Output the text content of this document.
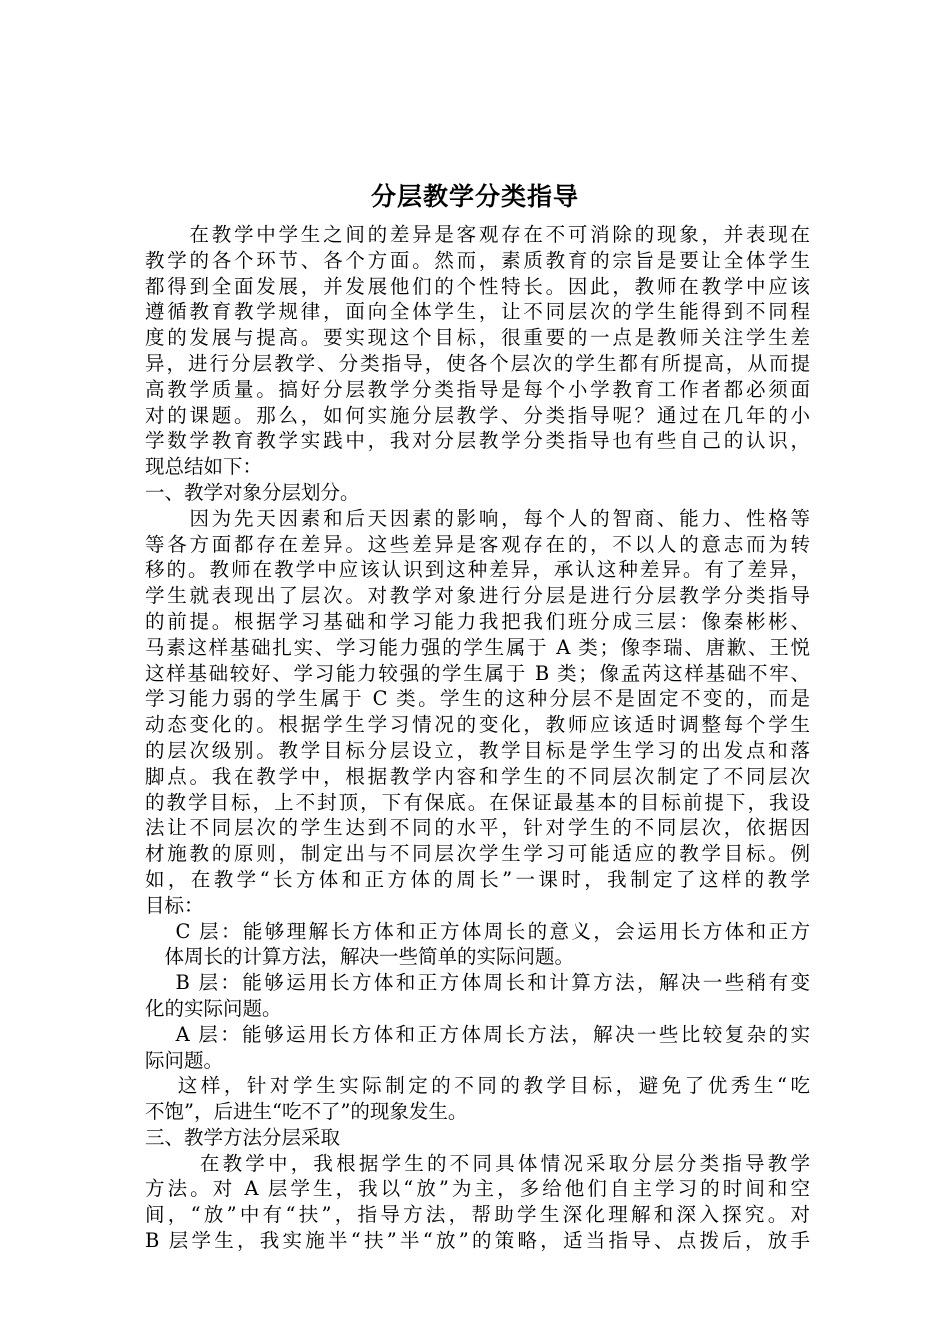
分层教学分类指导
　　在教学中学生之间的差异是客观存在不可消除的现象，并表现在
教学的各个环节、各个方面。然而，素质教育的宗旨是要让全体学生
都得到全面发展，并发展他们的个性特长。因此，教师在教学中应该
遵循教育教学规律，面向全体学生，让不同层次的学生能得到不同程
度的发展与提高。要实现这个目标，很重要的一点是教师关注学生差
异，进行分层教学、分类指导，使各个层次的学生都有所提高，从而提
高教学质量。搞好分层教学分类指导是每个小学教育工作者都必须面
对的课题。那么，如何实施分层教学、分类指导呢？通过在几年的小
学数学教育教学实践中，我对分层教学分类指导也有些自己的认识，
现总结如下：
一、教学对象分层划分。
　　因为先天因素和后天因素的影响，每个人的智商、能力、性格等
等各方面都存在差异。这些差异是客观存在的，不以人的意志而为转
移的。教师在教学中应该认识到这种差异，承认这种差异。有了差异，
学生就表现出了层次。对教学对象进行分层是进行分层教学分类指导
的前提。根据学习基础和学习能力我把我们班分成三层：像秦彬彬、
马素这样基础扎实、学习能力强的学生属于 A 类；像李瑞、唐歉、王悦
这样基础较好、学习能力较强的学生属于 B 类；像孟芮这样基础不牢、
学习能力弱的学生属于 C 类。学生的这种分层不是固定不变的，而是
动态变化的。根据学生学习情况的变化，教师应该适时调整每个学生
的层次级别。教学目标分层设立，教学目标是学生学习的出发点和落
脚点。我在教学中，根据教学内容和学生的不同层次制定了不同层次
的教学目标，上不封顶，下有保底。在保证最基本的目标前提下，我设
法让不同层次的学生达到不同的水平，针对学生的不同层次，依据因
材施教的原则，制定出与不同层次学生学习可能适应的教学目标。例
如，在教学“长方体和正方体的周长”一课时，我制定了这样的教学
目标：
　 C 层：能够理解长方体和正方体周长的意义，会运用长方体和正方
　体周长的计算方法，解决一些简单的实际问题。
　 B 层：能够运用长方体和正方体周长和计算方法，解决一些稍有变
化的实际问题。
　 A 层：能够运用长方体和正方体周长方法，解决一些比较复杂的实
际问题。
　 这样，针对学生实际制定的不同的教学目标，避免了优秀生“吃
不饱”，后进生“吃不了”的现象发生。
三、教学方法分层采取
　　 在教学中，我根据学生的不同具体情况采取分层分类指导教学
方法。对 A 层学生，我以“放”为主，多给他们自主学习的时间和空
间，“放”中有“扶”，指导方法，帮助学生深化理解和深入探究。对
B 层学生，我实施半“扶”半“放”的策略，适当指导、点拨后，放手
